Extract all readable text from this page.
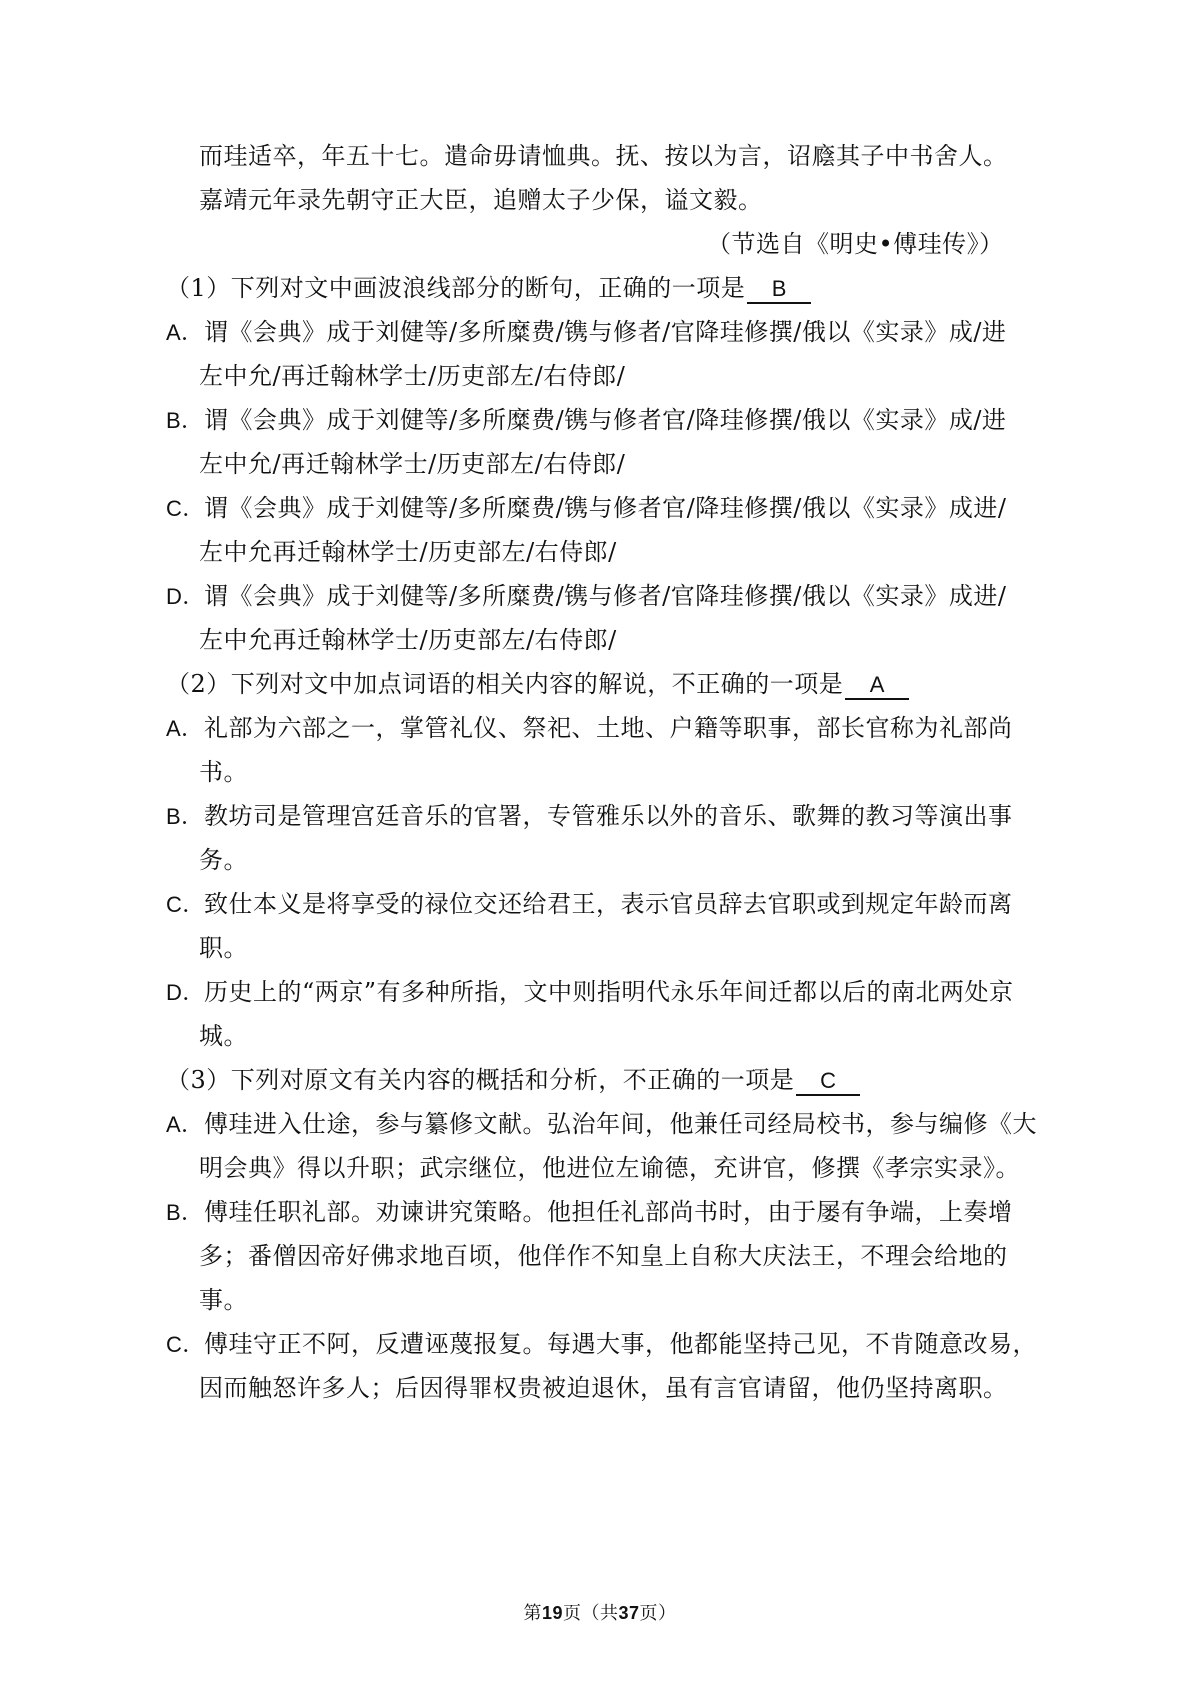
而珪适卒，年五十七。遣命毋请恤典。抚、按以为言，诏廕其子中书舍人。
嘉靖元年录先朝守正大臣，追赠太子少保，谥文毅。
（节选自《明史•傅珪传》）
（1）下列对文中画波浪线部分的断句，正确的一项是 B
A．谓《会典》成于刘健等/多所糜费/镌与修者/官降珪修撰/俄以《实录》成/进
左中允/再迁翰林学士/历吏部左/右侍郎/
B．谓《会典》成于刘健等/多所糜费/镌与修者官/降珪修撰/俄以《实录》成/进
左中允/再迁翰林学士/历吏部左/右侍郎/
C．谓《会典》成于刘健等/多所糜费/镌与修者官/降珪修撰/俄以《实录》成进/
左中允再迁翰林学士/历吏部左/右侍郎/
D．谓《会典》成于刘健等/多所糜费/镌与修者/官降珪修撰/俄以《实录》成进/
左中允再迁翰林学士/历吏部左/右侍郎/
（2）下列对文中加点词语的相关内容的解说，不正确的一项是 A
A．礼部为六部之一，掌管礼仪、祭祀、土地、户籍等职事，部长官称为礼部尚
书。
B．教坊司是管理宫廷音乐的官署，专管雅乐以外的音乐、歌舞的教习等演出事
务。
C．致仕本义是将享受的禄位交还给君王，表示官员辞去官职或到规定年龄而离
职。
D．历史上的“两京”有多种所指，文中则指明代永乐年间迁都以后的南北两处京
城。
（3）下列对原文有关内容的概括和分析，不正确的一项是 C
A．傅珪进入仕途，参与纂修文献。弘治年间，他兼任司经局校书，参与编修《大
明会典》得以升职；武宗继位，他进位左谕德，充讲官，修撰《孝宗实录》。
B．傅珪任职礼部。劝谏讲究策略。他担任礼部尚书时，由于屡有争端，上奏增
多；番僧因帝好佛求地百顷，他佯作不知皇上自称大庆法王，不理会给地的
事。
C．傅珪守正不阿，反遭诬蔑报复。每遇大事，他都能坚持己见，不肯随意改易，
因而触怒许多人；后因得罪权贵被迫退休，虽有言官请留，他仍坚持离职。
第19页（共37页）
